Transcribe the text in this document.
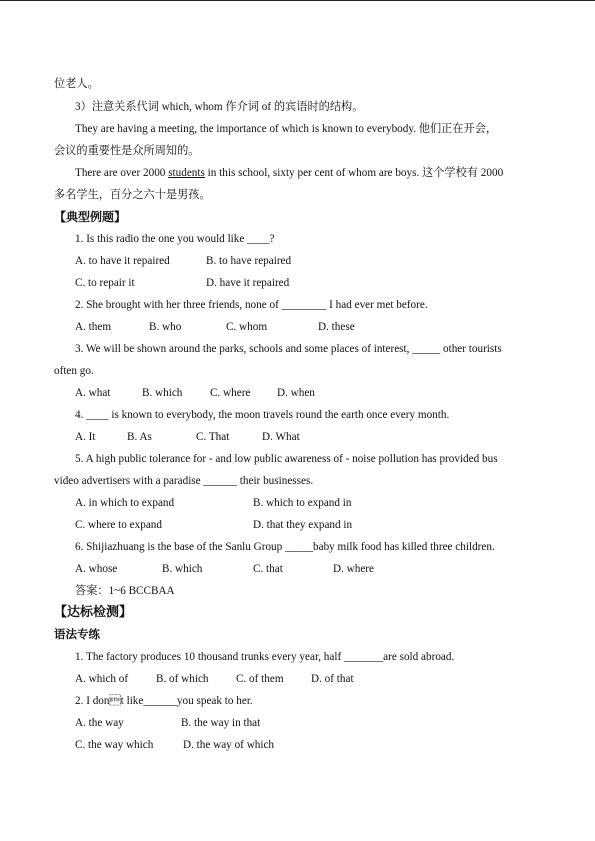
位老人。
3）注意关系代词 which, whom 作介词 of 的宾语时的结构。
They are having a meeting, the importance of which is known to everybody. 他们正在开会，
会议的重要性是众所周知的。
There are over 2000 students in this school, sixty per cent of whom are boys. 这个学校有 2000
多名学生，百分之六十是男孩。
【典型例题】
1. Is this radio the one you would like ____?
A. to have it repaired	B. to have repaired
C. to repair it	D. have it repaired
2. She brought with her three friends, none of ________ I had ever met before.
A. them	B. who	C. whom	D. these
3. We will be shown around the parks, schools and some places of interest, _____ other tourists
often go.
A. what	B. which C. where D. when
4. ____ is known to everybody, the moon travels round the earth once every month.
A. It	B. As	C. That	D. What
5. A high public tolerance for - and low public awareness of - noise pollution has provided bus
video advertisers with a paradise ______ their businesses.
A. in which to expand	B. which to expand in
C. where to expand	D. that they expand in
6. Shijiazhuang is the base of the Sanlu Group _____baby milk food has killed three children.
A. whose	B. which	C. that	D. where
答案：1~6 BCCBAA
【达标检测】
语法专练
1. The factory produces 10 thousand trunks every year, half _______are sold abroad.
A. which of B. of which C. of them D. of that
2. I dont like______you speak to her.
A. the way	B. the way in that
C. the way which	D. the way of which
